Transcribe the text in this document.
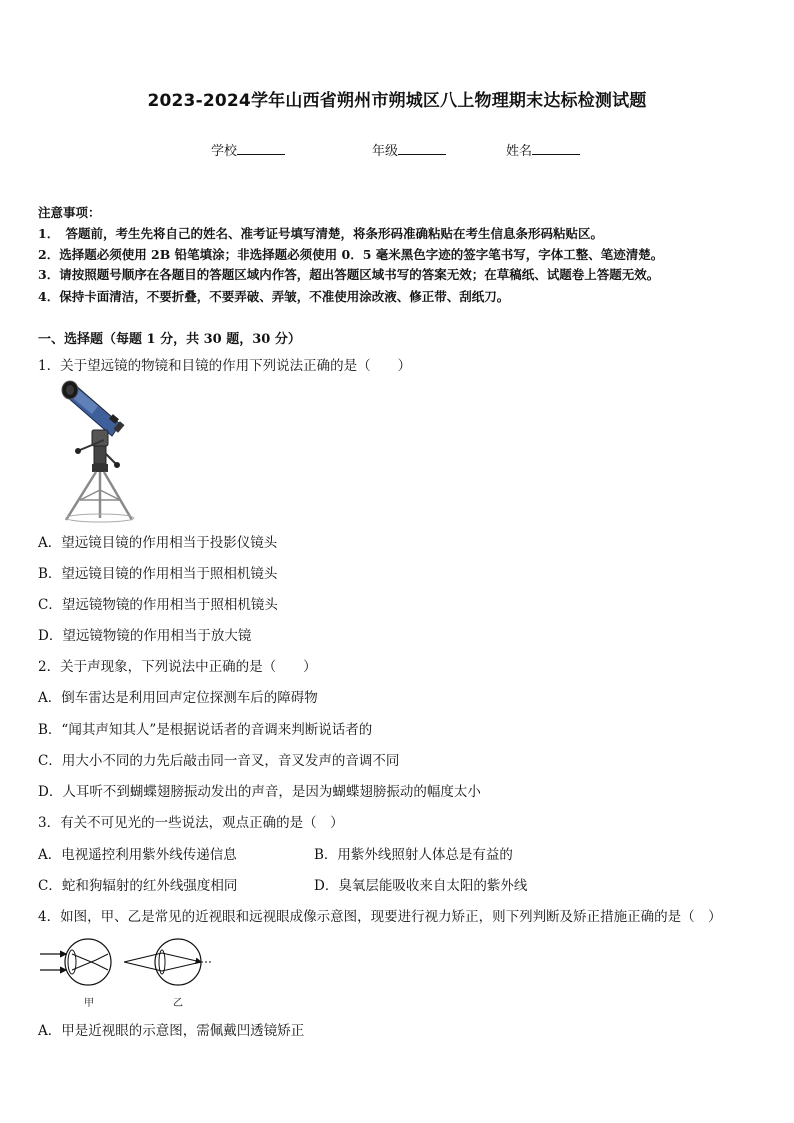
2023-2024学年山西省朔州市朔城区八上物理期末达标检测试题
学校	年级	姓名
注意事项：
1．　答题前，考生先将自己的姓名、准考证号填写清楚，将条形码准确粘贴在考生信息条形码粘贴区。
2．选择题必须使用 2B 铅笔填涂；非选择题必须使用 0．5 毫米黑色字迹的签字笔书写，字体工整、笔迹清楚。
3．请按照题号顺序在各题目的答题区域内作答，超出答题区域书写的答案无效；在草稿纸、试题卷上答题无效。
4．保持卡面清洁，不要折叠，不要弄破、弄皱，不准使用涂改液、修正带、刮纸刀。
一、选择题（每题 1 分，共 30 题，30 分）
1．关于望远镜的物镜和目镜的作用下列说法正确的是（　　）
A．望远镜目镜的作用相当于投影仪镜头
B．望远镜目镜的作用相当于照相机镜头
C．望远镜物镜的作用相当于照相机镜头
D．望远镜物镜的作用相当于放大镜
2．关于声现象，下列说法中正确的是（　　）
A．倒车雷达是利用回声定位探测车后的障碍物
B．“闻其声知其人”是根据说话者的音调来判断说话者的
C．用大小不同的力先后敲击同一音叉，音叉发声的音调不同
D．人耳听不到蝴蝶翅膀振动发出的声音，是因为蝴蝶翅膀振动的幅度太小
3．有关不可见光的一些说法，观点正确的是（　）
A．电视遥控利用紫外线传递信息	B．用紫外线照射人体总是有益的
C．蛇和狗辐射的红外线强度相同	D．臭氧层能吸收来自太阳的紫外线
4．如图，甲、乙是常见的近视眼和远视眼成像示意图，现要进行视力矫正，则下列判断及矫正措施正确的是（　）
甲	乙
A．甲是近视眼的示意图，需佩戴凹透镜矫正
